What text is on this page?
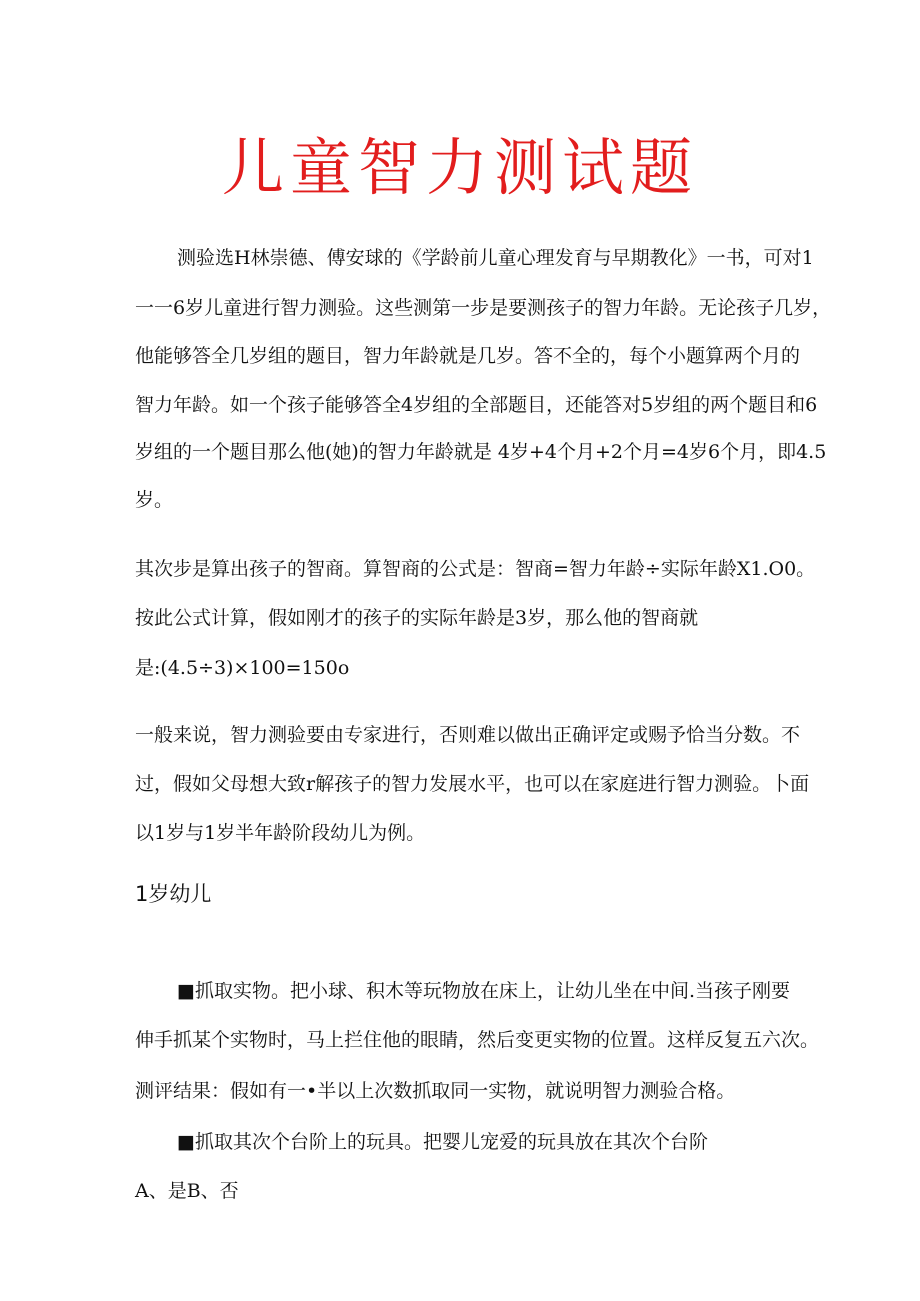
儿童智力测试题
测验选H林崇德、傅安球的《学龄前儿童心理发育与早期教化》一书，可对1
一一6岁儿童进行智力测验。这些测第一步是要测孩子的智力年龄。无论孩子几岁，
他能够答全几岁组的题目，智力年龄就是几岁。答不全的，每个小题算两个月的
智力年龄。如一个孩子能够答全4岁组的全部题目，还能答对5岁组的两个题目和6
岁组的一个题目那么他(她)的智力年龄就是 4岁+4个月+2个月=4岁6个月，即4.5
岁。
其次步是算出孩子的智商。算智商的公式是：智商=智力年龄÷实际年龄X1.O0。
按此公式计算，假如刚才的孩子的实际年龄是3岁，那么他的智商就
是:(4.5÷3)×100=150o
一般来说，智力测验要由专家进行，否则难以做出正确评定或赐予恰当分数。不
过，假如父母想大致r解孩子的智力发展水平，也可以在家庭进行智力测验。卜面
以1岁与1岁半年龄阶段幼儿为例。
1岁幼儿
■抓取实物。把小球、积木等玩物放在床上，让幼儿坐在中间.当孩子刚要
伸手抓某个实物时，马上拦住他的眼睛，然后变更实物的位置。这样反复五六次。
测评结果：假如有一•半以上次数抓取同一实物，就说明智力测验合格。
■抓取其次个台阶上的玩具。把婴儿宠爱的玩具放在其次个台阶
A、是B、否
